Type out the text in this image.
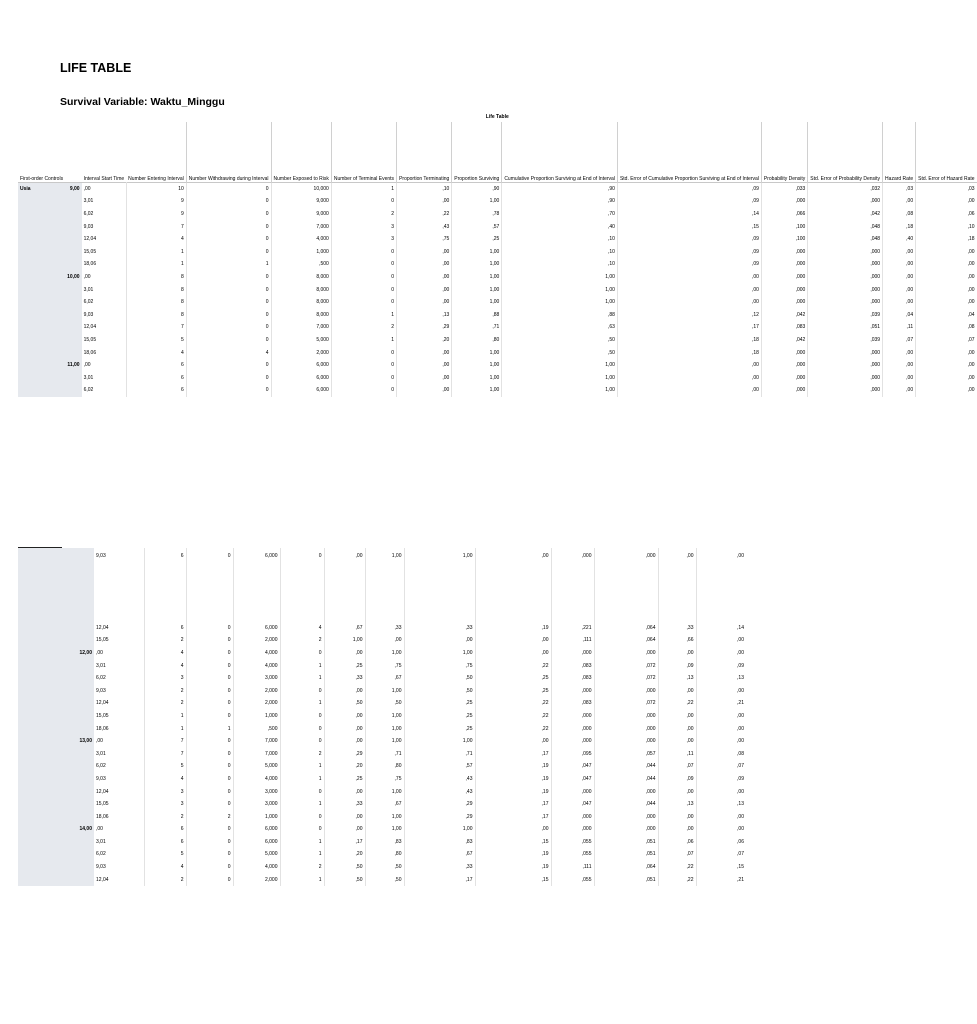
LIFE TABLE
Survival Variable: Waktu_Minggu
Life Table														
First-order Controls		Interval Start Time	Number Entering Interval	Number Withdrawing during Interval	Number Exposed to Risk	Number of Terminal Events	Proportion Terminating	Proportion Surviving	Cumulative Proportion Surviving at End of Interval	Std. Error of Cumulative Proportion Surviving at End of Interval	Probability Density	Std. Error of Probability Density	Hazard Rate	Std. Error of Hazard Rate
Usia	9,00	,00	10	0	10,000	1	,10	,90	,90	,09	,033	,032	,03	,03
		3,01	9	0	9,000	0	,00	1,00	,90	,09	,000	,000	,00	,00
		6,02	9	0	9,000	2	,22	,78	,70	,14	,066	,042	,08	,06
		9,03	7	0	7,000	3	,43	,57	,40	,15	,100	,048	,18	,10
		12,04	4	0	4,000	3	,75	,25	,10	,09	,100	,048	,40	,18
		15,05	1	0	1,000	0	,00	1,00	,10	,09	,000	,000	,00	,00
		18,06	1	1	,500	0	,00	1,00	,10	,09	,000	,000	,00	,00
	10,00	,00	8	0	8,000	0	,00	1,00	1,00	,00	,000	,000	,00	,00
		3,01	8	0	8,000	0	,00	1,00	1,00	,00	,000	,000	,00	,00
		6,02	8	0	8,000	0	,00	1,00	1,00	,00	,000	,000	,00	,00
		9,03	8	0	8,000	1	,13	,88	,88	,12	,042	,039	,04	,04
		12,04	7	0	7,000	2	,29	,71	,63	,17	,083	,051	,11	,08
		15,05	5	0	5,000	1	,20	,80	,50	,18	,042	,039	,07	,07
		18,06	4	4	2,000	0	,00	1,00	,50	,18	,000	,000	,00	,00
	11,00	,00	6	0	6,000	0	,00	1,00	1,00	,00	,000	,000	,00	,00
		3,01	6	0	6,000	0	,00	1,00	1,00	,00	,000	,000	,00	,00
		6,02	6	0	6,000	0	,00	1,00	1,00	,00	,000	,000	,00	,00
		9,03	6	0	6,000	0	,00	1,00	1,00	,00	,000	,000	,00	,00
		12,04	6	0	6,000	4	,67	,33	,33	,19	,221	,064	,33	,14
		15,05	2	0	2,000	2	1,00	,00	,00	,00	,111	,064	,66	,00
	12,00	,00	4	0	4,000	0	,00	1,00	1,00	,00	,000	,000	,00	,00
		3,01	4	0	4,000	1	,25	,75	,75	,22	,083	,072	,09	,09
		6,02	3	0	3,000	1	,33	,67	,50	,25	,083	,072	,13	,13
		9,03	2	0	2,000	0	,00	1,00	,50	,25	,000	,000	,00	,00
		12,04	2	0	2,000	1	,50	,50	,25	,22	,083	,072	,22	,21
		15,05	1	0	1,000	0	,00	1,00	,25	,22	,000	,000	,00	,00
		18,06	1	1	,500	0	,00	1,00	,25	,22	,000	,000	,00	,00
	13,00	,00	7	0	7,000	0	,00	1,00	1,00	,00	,000	,000	,00	,00
		3,01	7	0	7,000	2	,29	,71	,71	,17	,095	,057	,11	,08
		6,02	5	0	5,000	1	,20	,80	,57	,19	,047	,044	,07	,07
		9,03	4	0	4,000	1	,25	,75	,43	,19	,047	,044	,09	,09
		12,04	3	0	3,000	0	,00	1,00	,43	,19	,000	,000	,00	,00
		15,05	3	0	3,000	1	,33	,67	,29	,17	,047	,044	,13	,13
		18,06	2	2	1,000	0	,00	1,00	,29	,17	,000	,000	,00	,00
	14,00	,00	6	0	6,000	0	,00	1,00	1,00	,00	,000	,000	,00	,00
		3,01	6	0	6,000	1	,17	,83	,83	,15	,055	,051	,06	,06
		6,02	5	0	5,000	1	,20	,80	,67	,19	,055	,051	,07	,07
		9,03	4	0	4,000	2	,50	,50	,33	,19	,111	,064	,22	,15
		12,04	2	0	2,000	1	,50	,50	,17	,15	,055	,051	,22	,21
